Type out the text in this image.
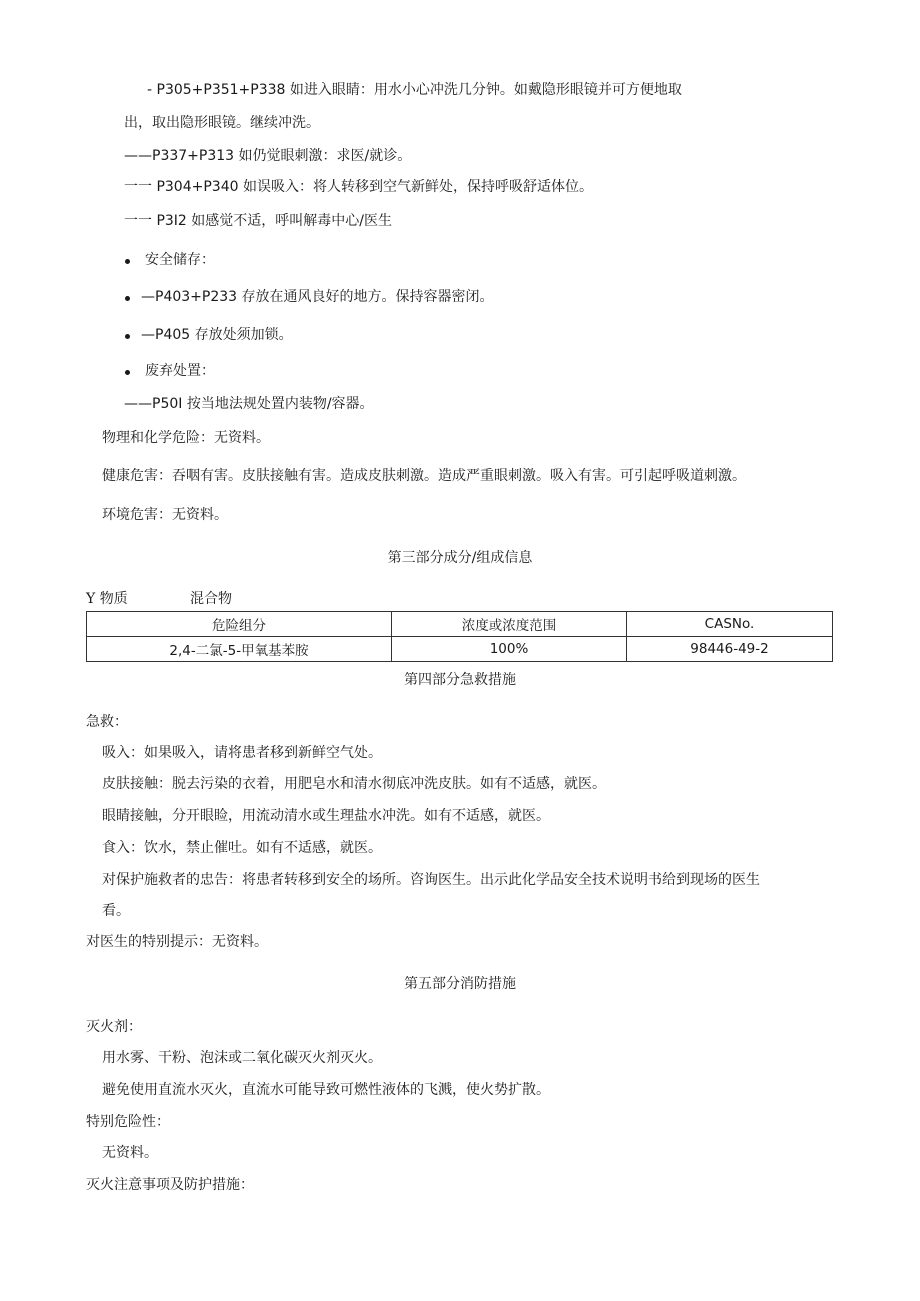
- P305+P351+P338 如进入眼睛：用水小心冲洗几分钟。如戴隐形眼镜并可方便地取
出，取出隐形眼镜。继续冲洗。
——P337+P313 如仍觉眼刺激：求医/就诊。
一一 P304+P340 如误吸入：将人转移到空气新鲜处，保持呼吸舒适体位。
一一 P3I2 如感觉不适，呼叫解毒中心/医生
安全储存：
—P403+P233 存放在通风良好的地方。保持容器密闭。
—P405 存放处须加锁。
废弃处置：
——P50I 按当地法规处置内装物/容器。
物理和化学危险：无资料。
健康危害：吞咽有害。皮肤接触有害。造成皮肤刺激。造成严重眼刺激。吸入有害。可引起呼吸道刺激。
环境危害：无资料。
第三部分成分/组成信息
Y 物质	混合物
危险组分	浓度或浓度范围	CASNo.
2,4-二氯-5-甲氧基苯胺	100%	98446-49-2
第四部分急救措施
急救：
吸入：如果吸入，请将患者移到新鲜空气处。
皮肤接触：脱去污染的衣着，用肥皂水和清水彻底冲洗皮肤。如有不适感，就医。
眼睛接触，分开眼睑，用流动清水或生理盐水冲洗。如有不适感，就医。
食入：饮水，禁止催吐。如有不适感，就医。
对保护施救者的忠告：将患者转移到安全的场所。咨询医生。出示此化学品安全技术说明书给到现场的医生
看。
对医生的特别提示：无资料。
第五部分消防措施
灭火剂：
用水雾、干粉、泡沫或二氧化碳灭火剂灭火。
避免使用直流水灭火，直流水可能导致可燃性液体的飞溅，使火势扩散。
特别危险性：
无资料。
灭火注意事项及防护措施：
